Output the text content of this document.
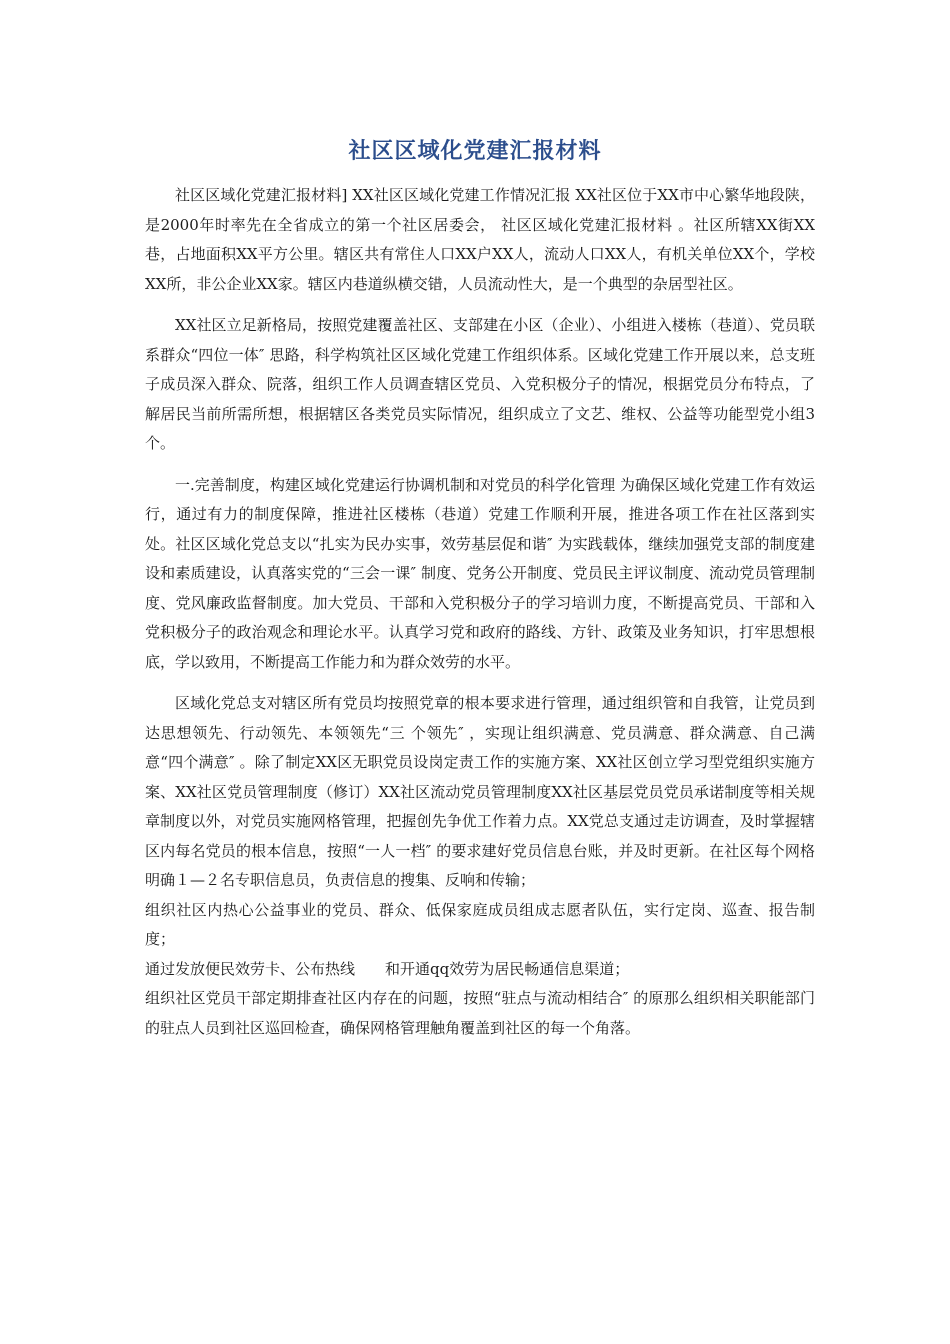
社区区域化党建汇报材料

社区区域化党建汇报材料] XX社区区域化党建工作情况汇报 XX社区位于XX市中心繁华地段陕，是2000年时率先在全省成立的第一个社区居委会， 社区区域化党建汇报材料 。社区所辖XX街XX巷，占地面积XX平方公里。辖区共有常住人口XX户XX人，流动人口XX人，有机关单位XX个，学校XX所，非公企业XX家。辖区内巷道纵横交错，人员流动性大，是一个典型的杂居型社区。

XX社区立足新格局，按照党建覆盖社区、支部建在小区（企业）、小组进入楼栋（巷道）、党员联系群众“四位一体″ 思路，科学构筑社区区域化党建工作组织体系。区域化党建工作开展以来，总支班子成员深入群众、院落，组织工作人员调查辖区党员、入党积极分子的情况，根据党员分布特点，了解居民当前所需所想，根据辖区各类党员实际情况，组织成立了文艺、维权、公益等功能型党小组3 个。

一.完善制度，构建区域化党建运行协调机制和对党员的科学化管理 为确保区域化党建工作有效运行，通过有力的制度保障，推进社区楼栋（巷道）党建工作顺利开展，推进各项工作在社区落到实处。社区区域化党总支以“扎实为民办实事，效劳基层促和谐″ 为实践载体，继续加强党支部的制度建设和素质建设，认真落实党的“三会一课″ 制度、党务公开制度、党员民主评议制度、流动党员管理制度、党风廉政监督制度。加大党员、干部和入党积极分子的学习培训力度，不断提高党员、干部和入党积极分子的政治观念和理论水平。认真学习党和政府的路线、方针、政策及业务知识，打牢思想根底，学以致用，不断提高工作能力和为群众效劳的水平。

区域化党总支对辖区所有党员均按照党章的根本要求进行管理，通过组织管和自我管，让党员到达思想领先、行动领先、本领领先“三 个领先″ ，实现让组织满意、党员满意、群众满意、自己满意“四个满意″ 。除了制定XX区无职党员设岗定责工作的实施方案、XX社区创立学习型党组织实施方案、XX社区党员管理制度（修订）XX社区流动党员管理制度XX社区基层党员党员承诺制度等相关规章制度以外，对党员实施网格管理，把握创先争优工作着力点。XX党总支通过走访调查，及时掌握辖区内每名党员的根本信息，按照“一人一档″ 的要求建好党员信息台账，并及时更新。在社区每个网格明确１—２名专职信息员，负责信息的搜集、反响和传输；

组织社区内热心公益事业的党员、群众、低保家庭成员组成志愿者队伍，实行定岗、巡查、报告制度；

通过发放便民效劳卡、公布热线　　和开通qq效劳为居民畅通信息渠道；

组织社区党员干部定期排查社区内存在的问题，按照“驻点与流动相结合″ 的原那么组织相关职能部门的驻点人员到社区巡回检查，确保网格管理触角覆盖到社区的每一个角落。
